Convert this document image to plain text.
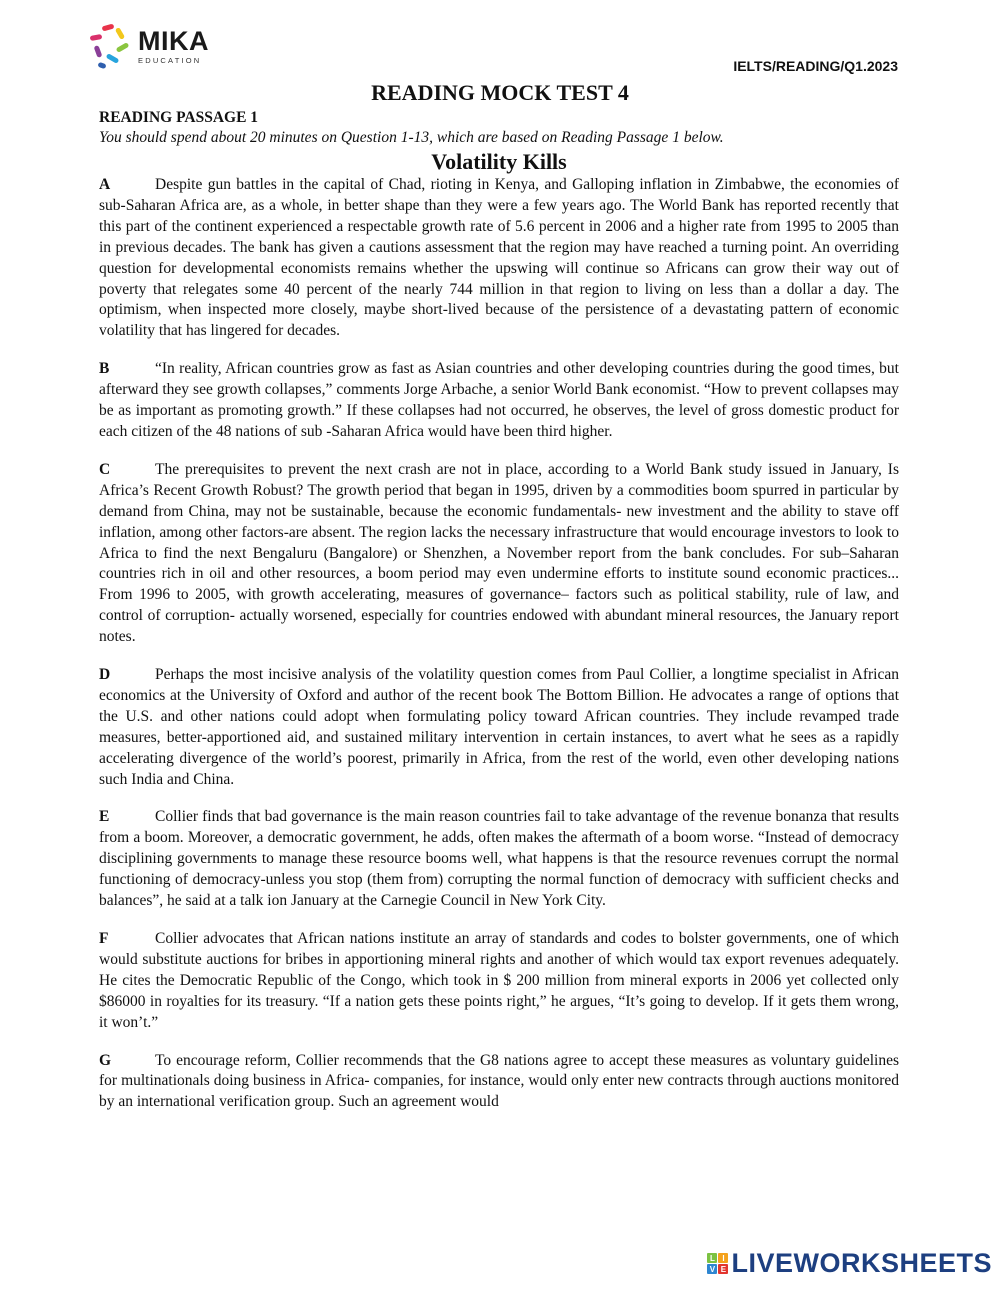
MIKA
EDUCATION	IELTS/READING/Q1.2023
READING MOCK TEST 4
READING PASSAGE 1
You should spend about 20 minutes on Question 1-13, which are based on Reading Passage 1 below.
Volatility Kills

A	Despite gun battles in the capital of Chad, rioting in Kenya, and Galloping inflation in Zimbabwe, the economies of sub-Saharan Africa are, as a whole, in better shape than they were a few years ago. The World Bank has reported recently that this part of the continent experienced a respectable growth rate of 5.6 percent in 2006 and a higher rate from 1995 to 2005 than in previous decades. The bank has given a cautions assessment that the region may have reached a turning point. An overriding question for developmental economists remains whether the upswing will continue so Africans can grow their way out of poverty that relegates some 40 percent of the nearly 744 million in that region to living on less than a dollar a day. The optimism, when inspected more closely, maybe short-lived because of the persistence of a devastating pattern of economic volatility that has lingered for decades.

B	“In reality, African countries grow as fast as Asian countries and other developing countries during the good times, but afterward they see growth collapses,” comments Jorge Arbache, a senior World Bank economist. “How to prevent collapses may be as important as promoting growth.” If these collapses had not occurred, he observes, the level of gross domestic product for each citizen of the 48 nations of sub -Saharan Africa would have been third higher.

C	The prerequisites to prevent the next crash are not in place, according to a World Bank study issued in January, Is Africa’s Recent Growth Robust? The growth period that began in 1995, driven by a commodities boom spurred in particular by demand from China, may not be sustainable, because the economic fundamentals- new investment and the ability to stave off inflation, among other factors-are absent. The region lacks the necessary infrastructure that would encourage investors to look to Africa to find the next Bengaluru (Bangalore) or Shenzhen, a November report from the bank concludes. For sub–Saharan countries rich in oil and other resources, a boom period may even undermine efforts to institute sound economic practices... From 1996 to 2005, with growth accelerating, measures of governance– factors such as political stability, rule of law, and control of corruption- actually worsened, especially for countries endowed with abundant mineral resources, the January report notes.

D	Perhaps the most incisive analysis of the volatility question comes from Paul Collier, a longtime specialist in African economics at the University of Oxford and author of the recent book The Bottom Billion. He advocates a range of options that the U.S. and other nations could adopt when formulating policy toward African countries. They include revamped trade measures, better-apportioned aid, and sustained military intervention in certain instances, to avert what he sees as a rapidly accelerating divergence of the world’s poorest, primarily in Africa, from the rest of the world, even other developing nations such India and China.

E	Collier finds that bad governance is the main reason countries fail to take advantage of the revenue bonanza that results from a boom. Moreover, a democratic government, he adds, often makes the aftermath of a boom worse. “Instead of democracy disciplining governments to manage these resource booms well, what happens is that the resource revenues corrupt the normal functioning of democracy-unless you stop (them from) corrupting the normal function of democracy with sufficient checks and balances”, he said at a talk ion January at the Carnegie Council in New York City.

F	Collier advocates that African nations institute an array of standards and codes to bolster governments, one of which would substitute auctions for bribes in apportioning mineral rights and another of which would tax export revenues adequately. He cites the Democratic Republic of the Congo, which took in $ 200 million from mineral exports in 2006 yet collected only $86000 in royalties for its treasury. “If a nation gets these points right,” he argues, “It’s going to develop. If it gets them wrong, it won’t.”

G	To encourage reform, Collier recommends that the G8 nations agree to accept these measures as voluntary guidelines for multinationals doing business in Africa- companies, for instance, would only enter new contracts through auctions monitored by an international verification group. Such an agreement would

L I
V E LIVEWORKSHEETS
